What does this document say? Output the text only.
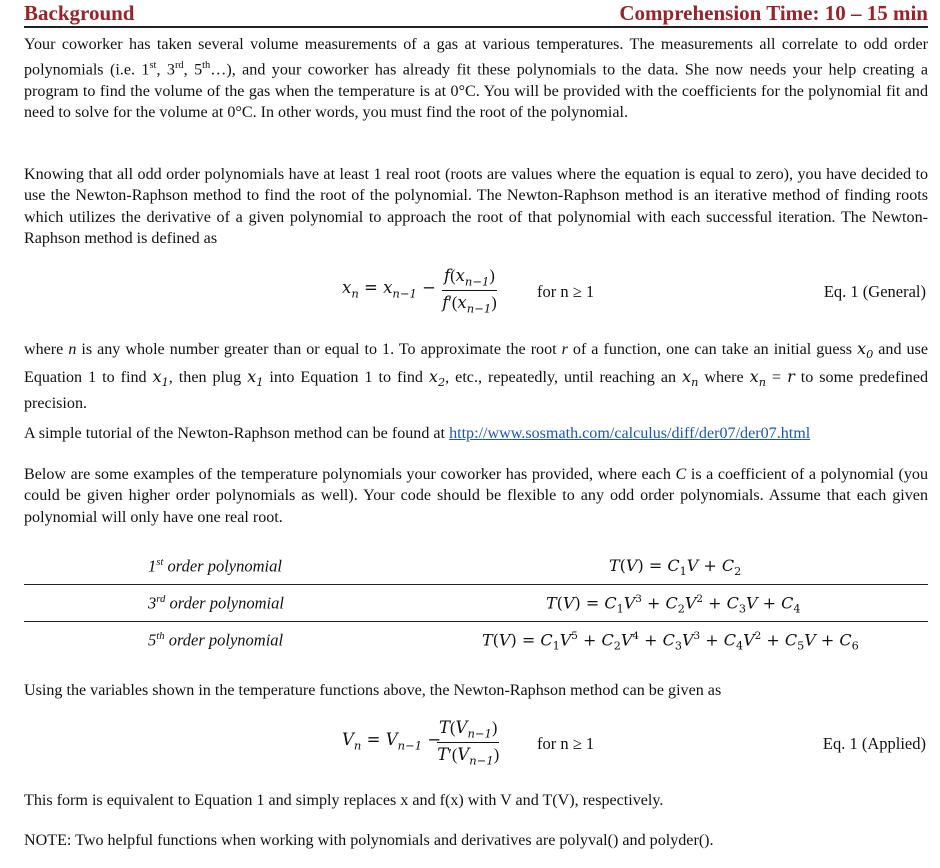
Background	Comprehension Time: 10 – 15 min

Your coworker has taken several volume measurements of a gas at various temperatures. The measurements all correlate to odd order polynomials (i.e. 1st, 3rd, 5th…), and your coworker has already fit these polynomials to the data. She now needs your help creating a program to find the volume of the gas when the temperature is at 0°C. You will be provided with the coefficients for the polynomial fit and need to solve for the volume at 0°C. In other words, you must find the root of the polynomial.

Knowing that all odd order polynomials have at least 1 real root (roots are values where the equation is equal to zero), you have decided to use the Newton-Raphson method to find the root of the polynomial. The Newton-Raphson method is an iterative method of finding roots which utilizes the derivative of a given polynomial to approach the root of that polynomial with each successful iteration. The Newton-Raphson method is defined as

$x_n = x_{n-1} - \frac{f(x_{n-1})}{f'(x_{n-1})}$ for n ≥ 1	Eq. 1 (General)

where n is any whole number greater than or equal to 1. To approximate the root r of a function, one can take an initial guess $x_0$ and use Equation 1 to find $x_1$, then plug $x_1$ into Equation 1 to find $x_2$, etc., repeatedly, until reaching an $x_n$ where $x_n = r$ to some predefined precision.

A simple tutorial of the Newton-Raphson method can be found at http://www.sosmath.com/calculus/diff/der07/der07.html

Below are some examples of the temperature polynomials your coworker has provided, where each C is a coefficient of a polynomial (you could be given higher order polynomials as well). Your code should be flexible to any odd order polynomials. Assume that each given polynomial will only have one real root.

1st order polynomial	$T(V) = C_1V + C_2$
3rd order polynomial	$T(V) = C_1V^3 + C_2V^2 + C_3V + C_4$
5th order polynomial	$T(V) = C_1V^5 + C_2V^4 + C_3V^3 + C_4V^2 + C_5V + C_6$

Using the variables shown in the temperature functions above, the Newton-Raphson method can be given as

$V_n = V_{n-1}$ −
$\frac{T(V_{n-1})}{T'(V_{n-1})}$ for n ≥ 1	Eq. 1 (Applied)

This form is equivalent to Equation 1 and simply replaces x and f(x) with V and T(V), respectively.

NOTE: Two helpful functions when working with polynomials and derivatives are polyval() and polyder().
